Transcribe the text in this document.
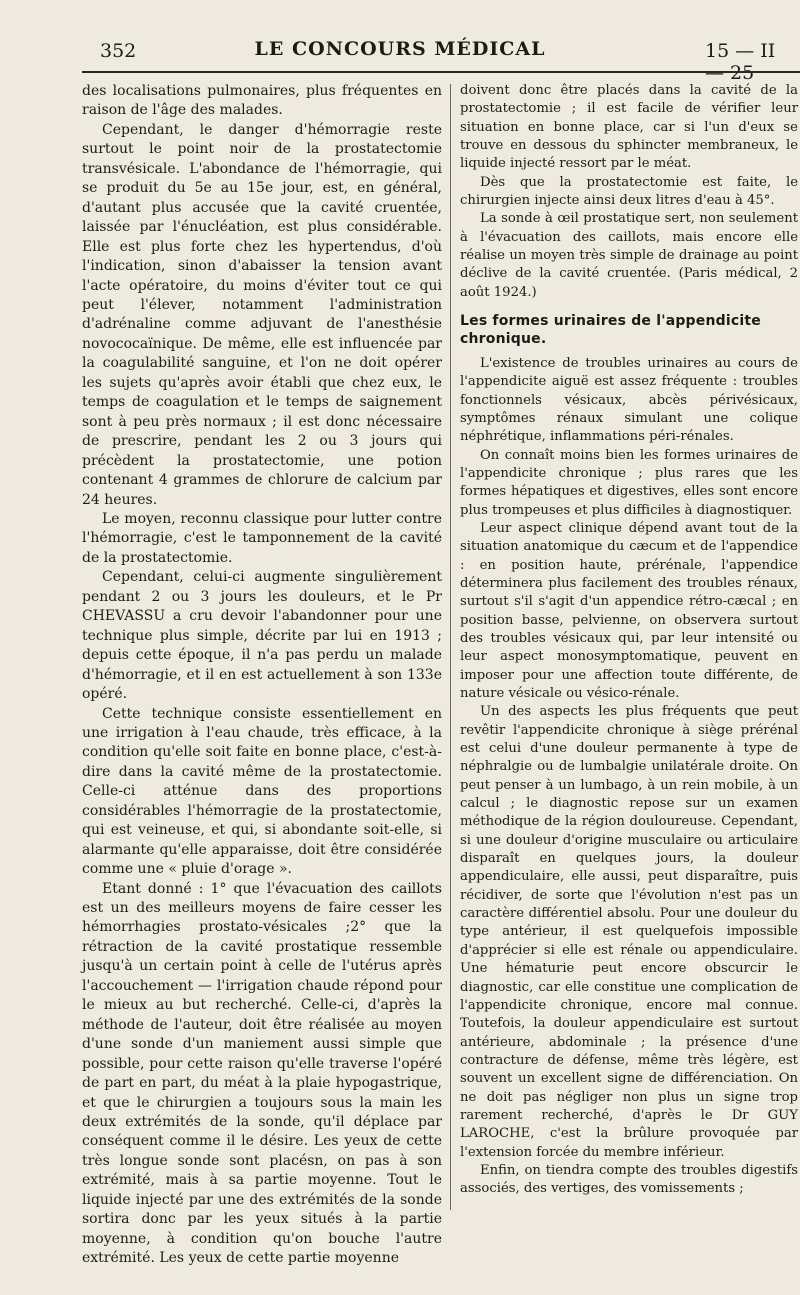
352	LE CONCOURS MÉDICAL	15 — II — 25

des localisations pulmonaires, plus fréquentes en raison de l'âge des malades.

Cependant, le danger d'hémorragie reste surtout le point noir de la prostatectomie transvésicale. L'abondance de l'hémorragie, qui se produit du 5e au 15e jour, est, en général, d'autant plus accusée que la cavité cruentée, laissée par l'énucléation, est plus considérable. Elle est plus forte chez les hypertendus, d'où l'indication, sinon d'abaisser la tension avant l'acte opératoire, du moins d'éviter tout ce qui peut l'élever, notamment l'administration d'adrénaline comme adjuvant de l'anesthésie novococaïnique. De même, elle est influencée par la coagulabilité sanguine, et l'on ne doit opérer les sujets qu'après avoir établi que chez eux, le temps de coagulation et le temps de saignement sont à peu près normaux ; il est donc nécessaire de prescrire, pendant les 2 ou 3 jours qui précèdent la prostatectomie, une potion contenant 4 grammes de chlorure de calcium par 24 heures.

Le moyen, reconnu classique pour lutter contre l'hémorragie, c'est le tamponnement de la cavité de la prostatectomie.

Cependant, celui-ci augmente singulièrement pendant 2 ou 3 jours les douleurs, et le Pr CHEVASSU a cru devoir l'abandonner pour une technique plus simple, décrite par lui en 1913 ; depuis cette époque, il n'a pas perdu un malade d'hémorragie, et il en est actuellement à son 133e opéré.

Cette technique consiste essentiellement en une irrigation à l'eau chaude, très efficace, à la condition qu'elle soit faite en bonne place, c'est-à-dire dans la cavité même de la prostatectomie. Celle-ci atténue dans des proportions considérables l'hémorragie de la prostatectomie, qui est veineuse, et qui, si abondante soit-elle, si alarmante qu'elle apparaisse, doit être considérée comme une « pluie d'orage ».

Etant donné : 1° que l'évacuation des caillots est un des meilleurs moyens de faire cesser les hémorrhagies prostato-vésicales ;2° que la rétraction de la cavité prostatique ressemble jusqu'à un certain point à celle de l'utérus après l'accouchement — l'irrigation chaude répond pour le mieux au but recherché. Celle-ci, d'après la méthode de l'auteur, doit être réalisée au moyen d'une sonde d'un maniement aussi simple que possible, pour cette raison qu'elle traverse l'opéré de part en part, du méat à la plaie hypogastrique, et que le chirurgien a toujours sous la main les deux extrémités de la sonde, qu'il déplace par conséquent comme il le désire. Les yeux de cette très longue sonde sont placésn, on pas à son extrémité, mais à sa partie moyenne. Tout le liquide injecté par une des extrémités de la sonde sortira donc par les yeux situés à la partie moyenne, à condition qu'on bouche l'autre extrémité. Les yeux de cette partie moyenne

doivent donc être placés dans la cavité de la prostatectomie ; il est facile de vérifier leur situation en bonne place, car si l'un d'eux se trouve en dessous du sphincter membraneux, le liquide injecté ressort par le méat.

Dès que la prostatectomie est faite, le chirurgien injecte ainsi deux litres d'eau à 45°.

La sonde à œil prostatique sert, non seulement à l'évacuation des caillots, mais encore elle réalise un moyen très simple de drainage au point déclive de la cavité cruentée. (Paris médical, 2 août 1924.)

Les formes urinaires de l'appendicite chronique.

L'existence de troubles urinaires au cours de l'appendicite aiguë est assez fréquente : troubles fonctionnels vésicaux, abcès périvésicaux, symptômes rénaux simulant une colique néphrétique, inflammations péri-rénales.

On connaît moins bien les formes urinaires de l'appendicite chronique ; plus rares que les formes hépatiques et digestives, elles sont encore plus trompeuses et plus difficiles à diagnostiquer.

Leur aspect clinique dépend avant tout de la situation anatomique du cæcum et de l'appendice : en position haute, prérénale, l'appendice déterminera plus facilement des troubles rénaux, surtout s'il s'agit d'un appendice rétro-cæcal ; en position basse, pelvienne, on observera surtout des troubles vésicaux qui, par leur intensité ou leur aspect monosymptomatique, peuvent en imposer pour une affection toute différente, de nature vésicale ou vésico-rénale.

Un des aspects les plus fréquents que peut revêtir l'appendicite chronique à siège prérénal est celui d'une douleur permanente à type de néphralgie ou de lumbalgie unilatérale droite. On peut penser à un lumbago, à un rein mobile, à un calcul ; le diagnostic repose sur un examen méthodique de la région douloureuse. Cependant, si une douleur d'origine musculaire ou articulaire disparaît en quelques jours, la douleur appendiculaire, elle aussi, peut disparaître, puis récidiver, de sorte que l'évolution n'est pas un caractère différentiel absolu. Pour une douleur du type antérieur, il est quelquefois impossible d'apprécier si elle est rénale ou appendiculaire. Une hématurie peut encore obscurcir le diagnostic, car elle constitue une complication de l'appendicite chronique, encore mal connue. Toutefois, la douleur appendiculaire est surtout antérieure, abdominale ; la présence d'une contracture de défense, même très légère, est souvent un excellent signe de différenciation. On ne doit pas négliger non plus un signe trop rarement recherché, d'après le Dr GUY LAROCHE, c'est la brûlure provoquée par l'extension forcée du membre inférieur.

Enfin, on tiendra compte des troubles digestifs associés, des vertiges, des vomissements ;
